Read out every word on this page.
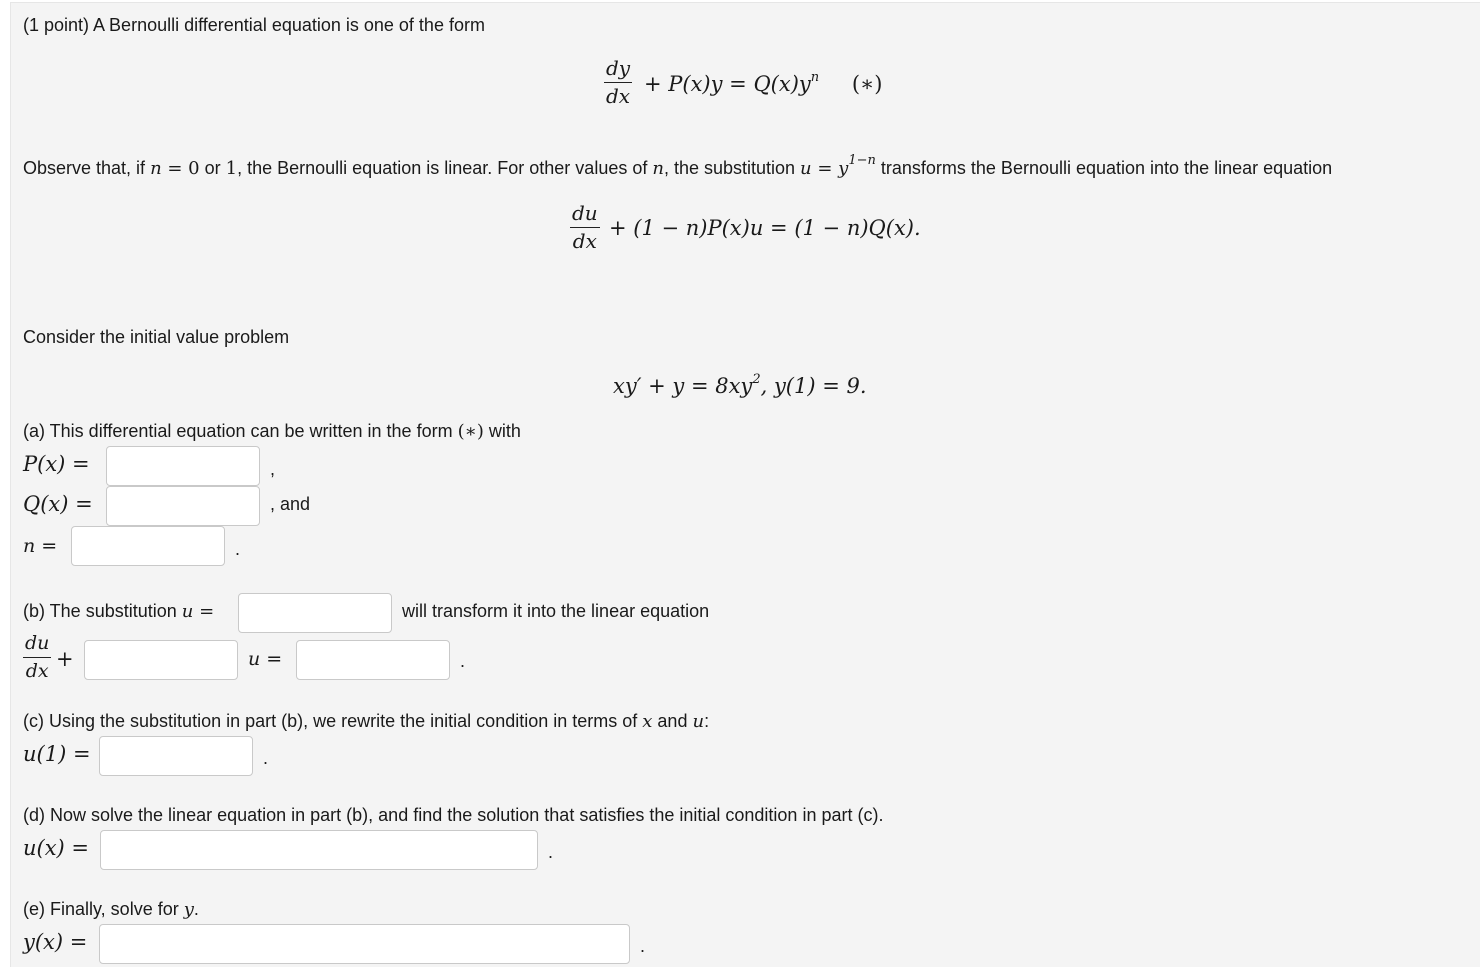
(1 point) A Bernoulli differential equation is one of the form
$\frac{dy}{dx} + P(x)y = Q(x)y^n$ (∗)
Observe that, if n = 0 or 1, the Bernoulli equation is linear. For other values of n, the substitution $u = y^{1-n}$ transforms the Bernoulli equation into the linear equation
$\frac{du}{dx} + (1 - n)P(x)u = (1 - n)Q(x)$.
Consider the initial value problem
$xy' + y = 8xy^2$, y(1) = 9.
(a) This differential equation can be written in the form (∗) with
P(x) =	,
Q(x) =	, and
n =	.
(b) The substitution u =	will transform it into the linear equation
$\frac{du}{dx}$ +	u =	.
(c) Using the substitution in part (b), we rewrite the initial condition in terms of x and u:
u(1) =	.
(d) Now solve the linear equation in part (b), and find the solution that satisfies the initial condition in part (c).
u(x) =	.
(e) Finally, solve for y.
y(x) =	.
